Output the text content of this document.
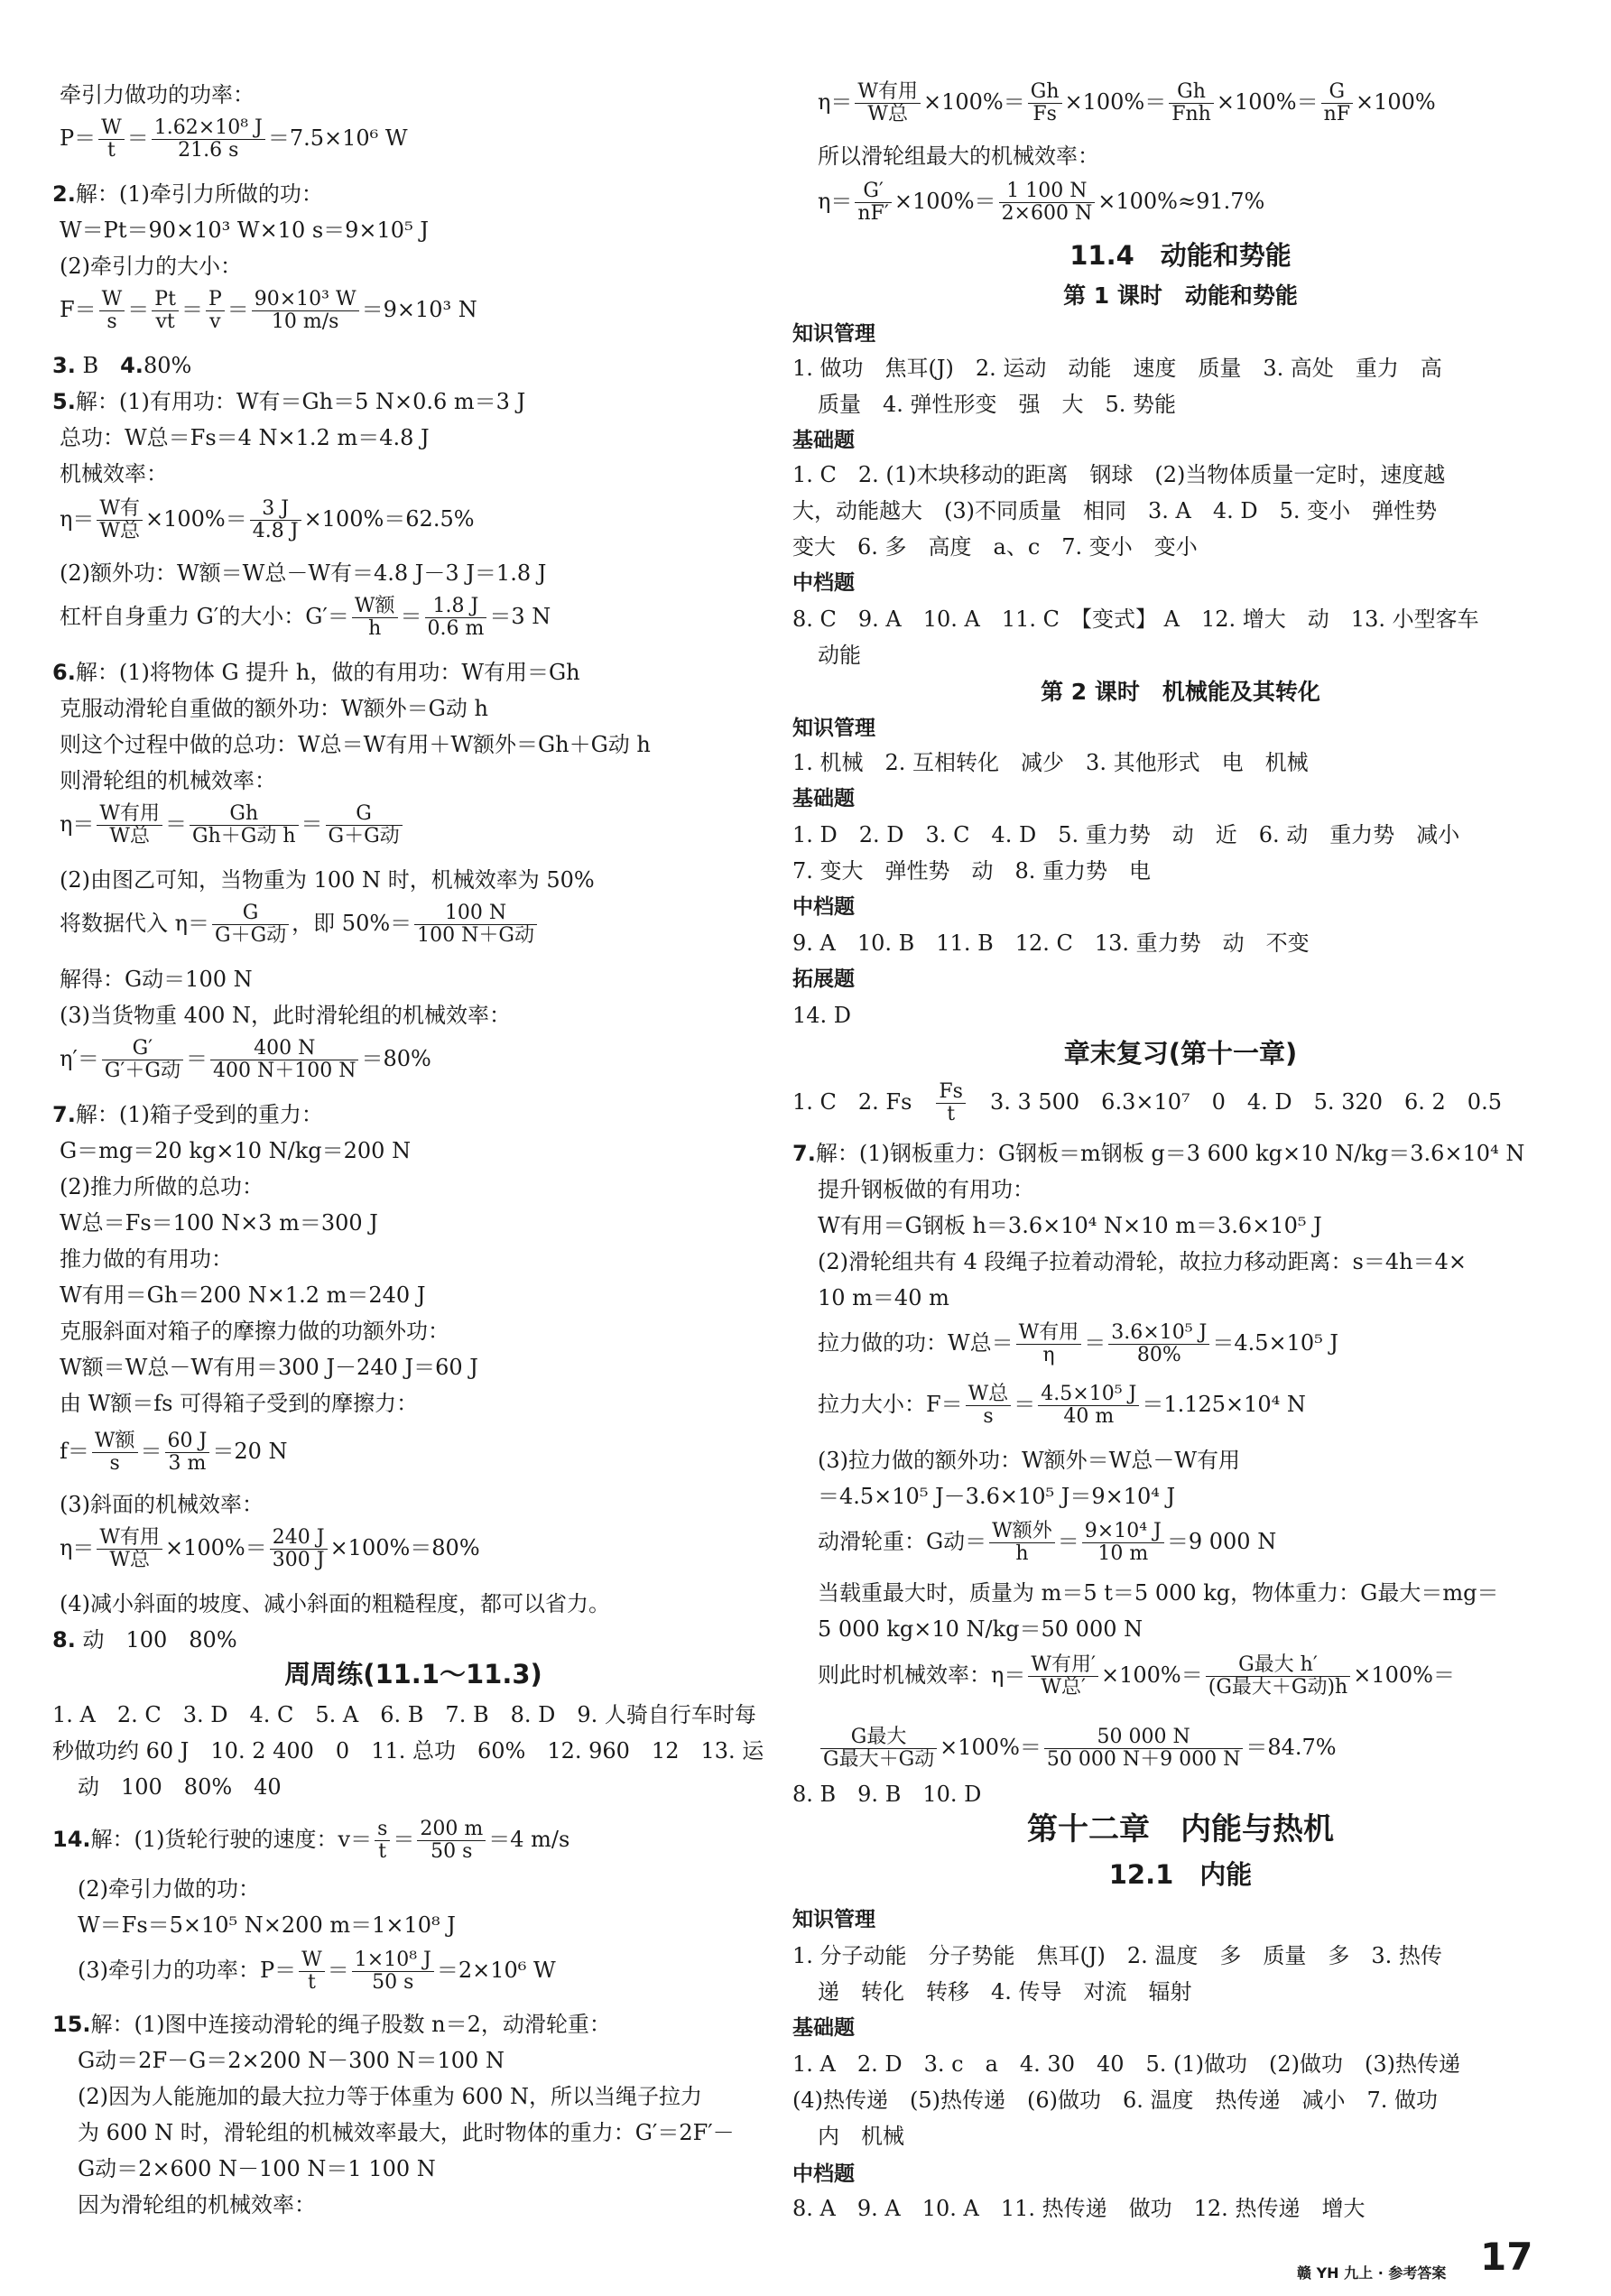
牵引力做功的功率：
$P= \frac{W}{t} = \frac{\text{1.62×10⁸ J}}{21.6 s} =7.5\times 10^6$ W
2.解：(1)牵引力所做的功：
W＝Pt＝90×10³ W×10 s＝9×10⁵ J
(2)牵引力的大小：
$F= \frac{W}{s} = \frac{Pt}{vt} = \frac{P}{v} = \frac{\text{90×10³ W}}{10 m/s} =9\times 10^3$ N
3. B　 4.80%
5.解：(1)有用功：W有＝Gh＝5 N×0.6 m＝3 J
总功：W总＝Fs＝4 N×1.2 m＝4.8 J
机械效率：
$\eta= \frac{\text{W有}}{\text{W总}} \times 100\%= \frac{3 J}{4.8 J} \times 100\%=62.5\%$
(2)额外功：W额＝W总－W有＝4.8 J－3 J＝1.8 J
杠杆自身重力 G′的大小：$G'= \frac{\text{W额}}{h} = \frac{1.8 J}{0.6 m} =3$ N
6.解：(1)将物体 G 提升 h，做的有用功：W有用＝Gh
克服动滑轮自重做的额外功：W额外＝G动 h
则这个过程中做的总功：W总＝W有用＋W额外＝Gh＋G动 h
则滑轮组的机械效率：
$\eta= \frac{\text{W有用}}{\text{W总}} = \frac{Gh}{\text{Gh＋G动 h}} = \frac{G}{\text{G＋G动}}$
(2)由图乙可知，当物重为 100 N 时，机械效率为 50%
将数据代入 $\eta= \frac{G}{\text{G＋G动}}$ ，即 $50\%= \frac{100 N}{\text{100 N＋G动}}$
解得：G动＝100 N
(3)当货物重 400 N，此时滑轮组的机械效率：
$\eta'= \frac{G'}{\text{G′＋G动}} = \frac{400 N}{400 N+100 N} =80\%$
7.解：(1)箱子受到的重力：
G＝mg＝20 kg×10 N/kg＝200 N
(2)推力所做的总功：
W总＝Fs＝100 N×3 m＝300 J
推力做的有用功：
W有用＝Gh＝200 N×1.2 m＝240 J
克服斜面对箱子的摩擦力做的功额外功：
W额＝W总－W有用＝300 J－240 J＝60 J
由 W额＝fs 可得箱子受到的摩擦力：
$f= \frac{\text{W额}}{s} = \frac{60 J}{3 m} =20$ N
(3)斜面的机械效率：
$\eta= \frac{\text{W有用}}{\text{W总}} \times 100\%= \frac{240 J}{300 J} \times 100\%=80\%$
(4)减小斜面的坡度、减小斜面的粗糙程度，都可以省力。
8. 动　100　80%
周周练(11.1～11.3)
1. A　2. C　3. D　4. C　5. A　6. B　7. B　8. D　9. 人骑自行车时每
秒做功约 60 J　10. 2 400　0　11. 总功　60%　12. 960　12　13. 运
动　100　80%　40
14.解：(1)货轮行驶的速度：$v= \frac{s}{t} = \frac{200 m}{50 s} =4$ m/s
(2)牵引力做的功：
W＝Fs＝5×10⁵ N×200 m＝1×10⁸ J
(3)牵引力的功率：$P= \frac{W}{t} = \frac{\text{1×10⁸ J}}{50 s} =2\times 10^6$ W
15.解：(1)图中连接动滑轮的绳子股数 n＝2，动滑轮重：
G动＝2F－G＝2×200 N－300 N＝100 N
(2)因为人能施加的最大拉力等于体重为 600 N，所以当绳子拉力
为 600 N 时，滑轮组的机械效率最大，此时物体的重力：G′＝2F′－
G动＝2×600 N－100 N＝1 100 N
因为滑轮组的机械效率：
$\eta= \frac{\text{W有用}}{\text{W总}} \times 100\%= \frac{Gh}{Fs} \times 100\%= \frac{Gh}{\text{Fnh}} \times 100\%= \frac{G}{nF} \times 100\%$
所以滑轮组最大的机械效率：
$\eta= \frac{G'}{nF'} \times 100\%= \frac{1 100 N}{2\times 600 N} \times 100\%\approx 91.7\%$
11.4　动能和势能
第 1 课时　动能和势能
知识管理
1. 做功　焦耳(J)　2. 运动　动能　速度　质量　3. 高处　重力　高
质量　4. 弹性形变　强　大　5. 势能
基础题
1. C　2. (1)木块移动的距离　钢球　(2)当物体质量一定时，速度越
大，动能越大　(3)不同质量　相同　3. A　4. D　5. 变小　弹性势
变大　6. 多　高度　a、c　7. 变小　变小
中档题
8. C　9. A　10. A　11. C　【变式】 A　12. 增大　动　13. 小型客车
动能
第 2 课时　机械能及其转化
知识管理
1. 机械　2. 互相转化　减少　3. 其他形式　电　机械
基础题
1. D　2. D　3. C　4. D　5. 重力势　动　近　6. 动　重力势　减小
7. 变大　弹性势　动　8. 重力势　电
中档题
9. A　10. B　11. B　12. C　13. 重力势　动　不变
拓展题
14. D
章末复习(第十一章)
1. C　2. Fs　 $\frac{Fs}{t}$
　 3. 3 500　6.3×10⁷　0　4. D　5. 320　6. 2　0.5
7.解：(1)钢板重力：G钢板＝m钢板 g＝3 600 kg×10 N/kg＝3.6×10⁴ N
提升钢板做的有用功：
W有用＝G钢板 h＝3.6×10⁴ N×10 m＝3.6×10⁵ J
(2)滑轮组共有 4 段绳子拉着动滑轮，故拉力移动距离：s＝4h＝4×
10 m＝40 m
拉力做的功：W总＝ $\frac{\text{W有用}}{\eta} = \frac{\text{3.6×10⁵ J}}{80\%} =4.5\times 10^5$ J
拉力大小：$F= \frac{\text{W总}}{s} = \frac{\text{4.5×10⁵ J}}{40 m} =1.125\times 10^4$ N
(3)拉力做的额外功：W额外＝W总－W有用
＝4.5×10⁵ J－3.6×10⁵ J＝9×10⁴ J
动滑轮重：G动＝ $\frac{\text{W额外}}{h} = \frac{\text{9×10⁴ J}}{10 m} =9$ 000 N
当载重最大时，质量为 m＝5 t＝5 000 kg，物体重力：G最大＝mg＝
5 000 kg×10 N/kg＝50 000 N
则此时机械效率：$\eta= \frac{\text{W有用′}}{\text{W总′}} \times 100\%= \frac{\text{G最大 h′}}{\text{(G最大＋G动)h}} \times 100\%=$
$\frac{\text{G最大}}{\text{G最大＋G动}} \times 100\%= \frac{50 000 N}{50 000 N+9 000 N} =84.7\%$
8. B　9. B　10. D
第十二章　内能与热机
12.1　内能
知识管理
1. 分子动能　分子势能　焦耳(J)　2. 温度　多　质量　多　3. 热传
递　转化　转移　4. 传导　对流　辐射
基础题
1. A　2. D　3. c　a　4. 30　40　5. (1)做功　(2)做功　(3)热传递
(4)热传递　(5)热传递　(6)做功　6. 温度　热传递　减小　7. 做功
内　机械
中档题
8. A　9. A　10. A　11. 热传递　做功　12. 热传递　增大
赣 YH 九上 · 参考答案 17
